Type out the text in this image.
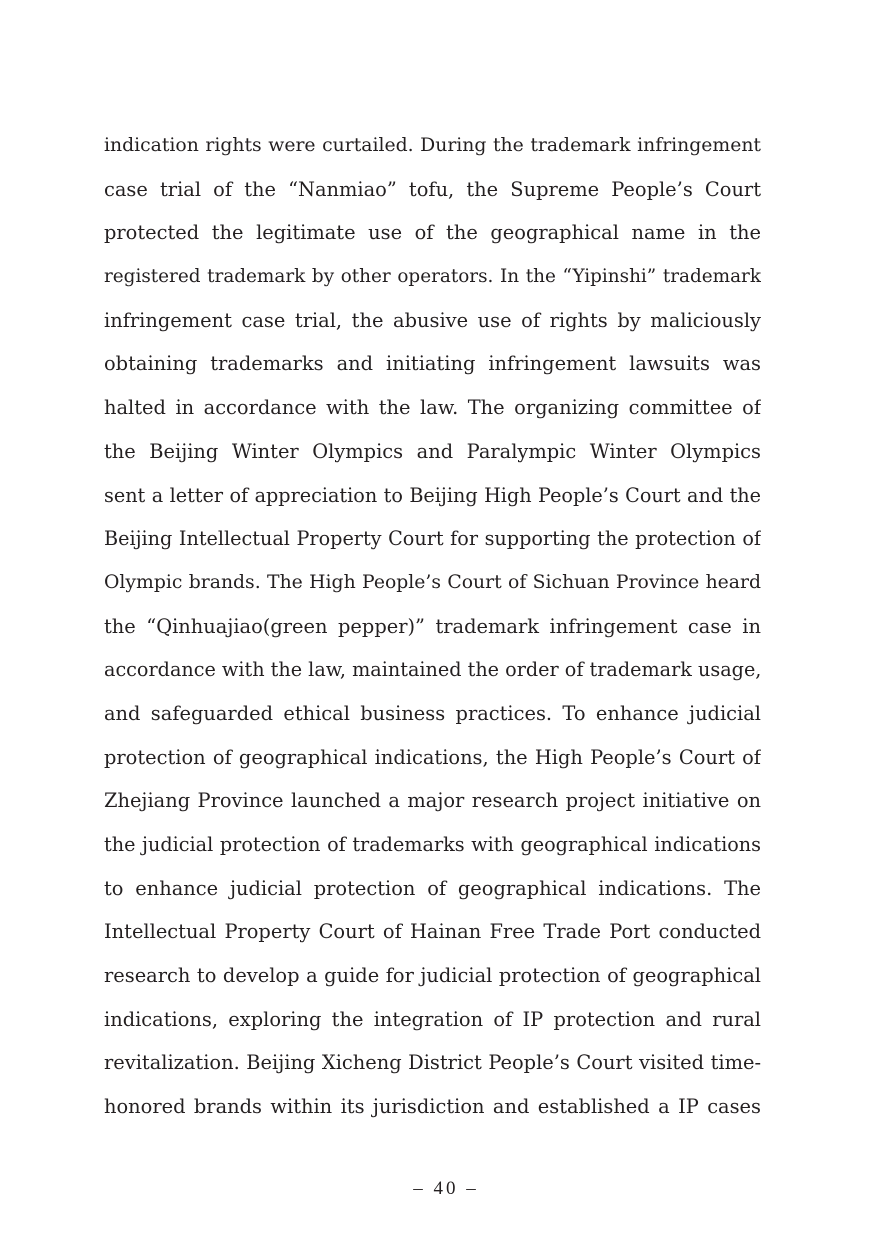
indication rights were curtailed. During the trademark infringement
case trial of the “Nanmiao” tofu, the Supreme People’s Court
protected the legitimate use of the geographical name in the
registered trademark by other operators. In the “Yipinshi” trademark
infringement case trial, the abusive use of rights by maliciously
obtaining trademarks and initiating infringement lawsuits was
halted in accordance with the law. The organizing committee of
the Beijing Winter Olympics and Paralympic Winter Olympics
sent a letter of appreciation to Beijing High People’s Court and the
Beijing Intellectual Property Court for supporting the protection of
Olympic brands. The High People’s Court of Sichuan Province heard
the “Qinhuajiao(green pepper)” trademark infringement case in
accordance with the law, maintained the order of trademark usage,
and safeguarded ethical business practices. To enhance judicial
protection of geographical indications, the High People’s Court of
Zhejiang Province launched a major research project initiative on
the judicial protection of trademarks with geographical indications
to enhance judicial protection of geographical indications. The
Intellectual Property Court of Hainan Free Trade Port conducted
research to develop a guide for judicial protection of geographical
indications, exploring the integration of IP protection and rural
revitalization. Beijing Xicheng District People’s Court visited time-
honored brands within its jurisdiction and established a IP cases
– 40 –
